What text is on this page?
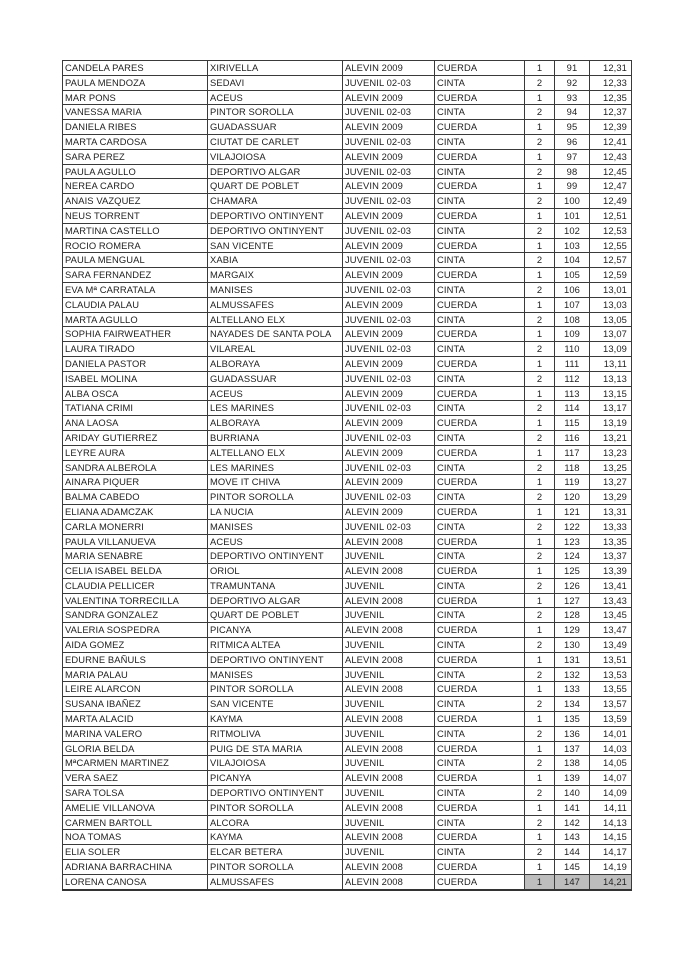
CANDELA PARES	XIRIVELLA	ALEVIN 2009	CUERDA	1	91	12,31
PAULA MENDOZA	SEDAVI	JUVENIL 02-03	CINTA	2	92	12,33
MAR PONS	ACEUS	ALEVIN 2009	CUERDA	1	93	12,35
VANESSA MARIA	PINTOR SOROLLA	JUVENIL 02-03	CINTA	2	94	12,37
DANIELA RIBES	GUADASSUAR	ALEVIN 2009	CUERDA	1	95	12,39
MARTA CARDOSA	CIUTAT DE CARLET	JUVENIL 02-03	CINTA	2	96	12,41
SARA PEREZ	VILAJOIOSA	ALEVIN 2009	CUERDA	1	97	12,43
PAULA AGULLO	DEPORTIVO ALGAR	JUVENIL 02-03	CINTA	2	98	12,45
NEREA CARDO	QUART DE POBLET	ALEVIN 2009	CUERDA	1	99	12,47
ANAIS VAZQUEZ	CHAMARA	JUVENIL 02-03	CINTA	2	100	12,49
NEUS TORRENT	DEPORTIVO ONTINYENT	ALEVIN 2009	CUERDA	1	101	12,51
MARTINA CASTELLO	DEPORTIVO ONTINYENT	JUVENIL 02-03	CINTA	2	102	12,53
ROCIO ROMERA	SAN VICENTE	ALEVIN 2009	CUERDA	1	103	12,55
PAULA MENGUAL	XABIA	JUVENIL 02-03	CINTA	2	104	12,57
SARA FERNANDEZ	MARGAIX	ALEVIN 2009	CUERDA	1	105	12,59
EVA Mª CARRATALA	MANISES	JUVENIL 02-03	CINTA	2	106	13,01
CLAUDIA PALAU	ALMUSSAFES	ALEVIN 2009	CUERDA	1	107	13,03
MARTA AGULLO	ALTELLANO ELX	JUVENIL 02-03	CINTA	2	108	13,05
SOPHIA FAIRWEATHER	NAYADES DE SANTA POLA	ALEVIN 2009	CUERDA	1	109	13,07
LAURA TIRADO	VILAREAL	JUVENIL 02-03	CINTA	2	110	13,09
DANIELA PASTOR	ALBORAYA	ALEVIN 2009	CUERDA	1	111	13,11
ISABEL MOLINA	GUADASSUAR	JUVENIL 02-03	CINTA	2	112	13,13
ALBA OSCA	ACEUS	ALEVIN 2009	CUERDA	1	113	13,15
TATIANA CRIMI	LES MARINES	JUVENIL 02-03	CINTA	2	114	13,17
ANA LAOSA	ALBORAYA	ALEVIN 2009	CUERDA	1	115	13,19
ARIDAY GUTIERREZ	BURRIANA	JUVENIL 02-03	CINTA	2	116	13,21
LEYRE AURA	ALTELLANO ELX	ALEVIN 2009	CUERDA	1	117	13,23
SANDRA ALBEROLA	LES MARINES	JUVENIL 02-03	CINTA	2	118	13,25
AINARA PIQUER	MOVE IT CHIVA	ALEVIN 2009	CUERDA	1	119	13,27
BALMA CABEDO	PINTOR SOROLLA	JUVENIL 02-03	CINTA	2	120	13,29
ELIANA ADAMCZAK	LA NUCIA	ALEVIN 2009	CUERDA	1	121	13,31
CARLA MONERRI	MANISES	JUVENIL 02-03	CINTA	2	122	13,33
PAULA VILLANUEVA	ACEUS	ALEVIN 2008	CUERDA	1	123	13,35
MARIA SENABRE	DEPORTIVO ONTINYENT	JUVENIL	CINTA	2	124	13,37
CELIA ISABEL BELDA	ORIOL	ALEVIN 2008	CUERDA	1	125	13,39
CLAUDIA PELLICER	TRAMUNTANA	JUVENIL	CINTA	2	126	13,41
VALENTINA TORRECILLA	DEPORTIVO ALGAR	ALEVIN 2008	CUERDA	1	127	13,43
SANDRA GONZALEZ	QUART DE POBLET	JUVENIL	CINTA	2	128	13,45
VALERIA SOSPEDRA	PICANYA	ALEVIN 2008	CUERDA	1	129	13,47
AIDA GOMEZ	RITMICA ALTEA	JUVENIL	CINTA	2	130	13,49
EDURNE BAÑULS	DEPORTIVO ONTINYENT	ALEVIN 2008	CUERDA	1	131	13,51
MARIA PALAU	MANISES	JUVENIL	CINTA	2	132	13,53
LEIRE ALARCON	PINTOR SOROLLA	ALEVIN 2008	CUERDA	1	133	13,55
SUSANA IBAÑEZ	SAN VICENTE	JUVENIL	CINTA	2	134	13,57
MARTA ALACID	KAYMA	ALEVIN 2008	CUERDA	1	135	13,59
MARINA VALERO	RITMOLIVA	JUVENIL	CINTA	2	136	14,01
GLORIA BELDA	PUIG DE STA MARIA	ALEVIN 2008	CUERDA	1	137	14,03
MªCARMEN MARTINEZ	VILAJOIOSA	JUVENIL	CINTA	2	138	14,05
VERA SAEZ	PICANYA	ALEVIN 2008	CUERDA	1	139	14,07
SARA TOLSA	DEPORTIVO ONTINYENT	JUVENIL	CINTA	2	140	14,09
AMELIE VILLANOVA	PINTOR SOROLLA	ALEVIN 2008	CUERDA	1	141	14,11
CARMEN BARTOLL	ALCORA	JUVENIL	CINTA	2	142	14,13
NOA TOMAS	KAYMA	ALEVIN 2008	CUERDA	1	143	14,15
ELIA SOLER	ELCAR BETERA	JUVENIL	CINTA	2	144	14,17
ADRIANA BARRACHINA	PINTOR SOROLLA	ALEVIN 2008	CUERDA	1	145	14,19
LORENA CANOSA	ALMUSSAFES	ALEVIN 2008	CUERDA	1	147	14,21
